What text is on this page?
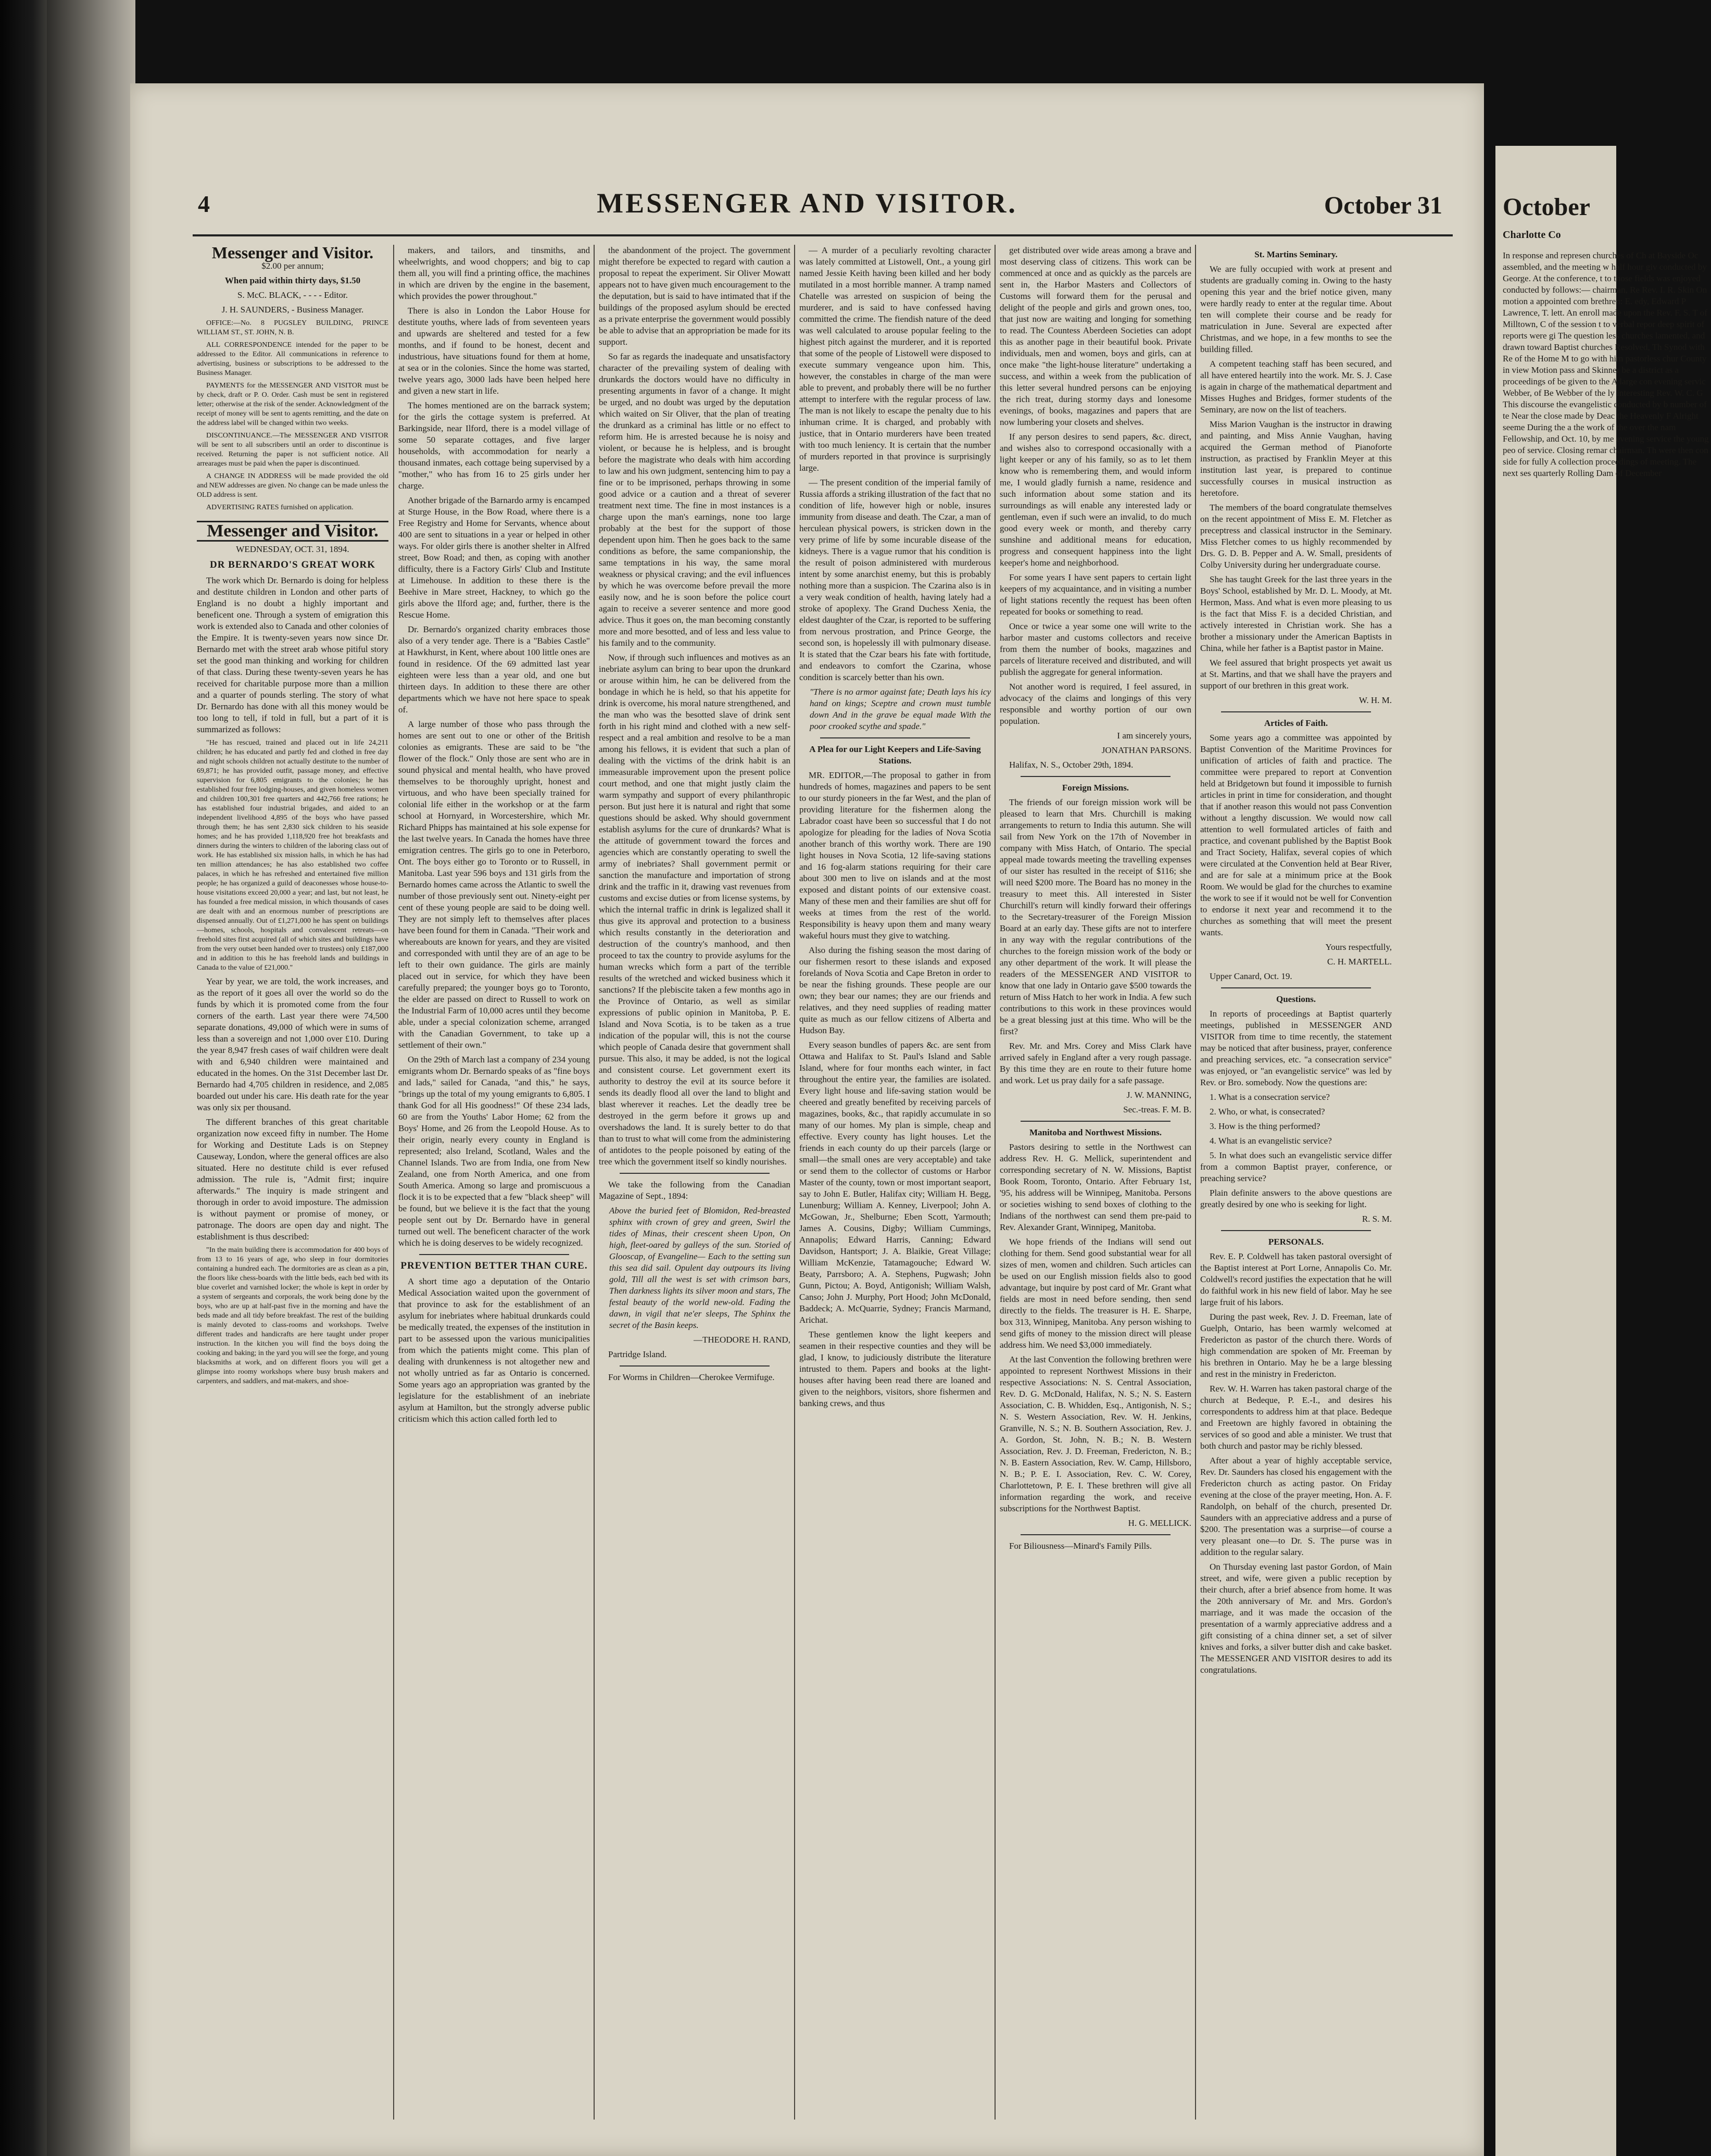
4	MESSENGER AND VISITOR.	October 31
Messenger and Visitor.

$2.00 per annum;

When paid within thirty days, $1.50

S. McC. BLACK, - - - - Editor.

J. H. SAUNDERS, - Business Manager.

OFFICE:—No. 8 PUGSLEY BUILDING, PRINCE WILLIAM ST., ST. JOHN, N. B.

ALL CORRESPONDENCE intended for the paper to be addressed to the Editor. All communications in reference to advertising, business or subscriptions to be addressed to the Business Manager.

PAYMENTS for the MESSENGER AND VISITOR must be by check, draft or P. O. Order. Cash must be sent in registered letter; otherwise at the risk of the sender. Acknowledgment of the receipt of money will be sent to agents remitting, and the date on the address label will be changed within two weeks.

DISCONTINUANCE.—The MESSENGER AND VISITOR will be sent to all subscribers until an order to discontinue is received. Returning the paper is not sufficient notice. All arrearages must be paid when the paper is discontinued.

A CHANGE IN ADDRESS will be made provided the old and NEW addresses are given. No change can be made unless the OLD address is sent.

ADVERTISING RATES furnished on application.

Messenger and Visitor.

WEDNESDAY, OCT. 31, 1894.

DR BERNARDO'S GREAT WORK

The work which Dr. Bernardo is doing for helpless and destitute children in London and other parts of England is no doubt a highly important and beneficent one. Through a system of emigration this work is extended also to Canada and other colonies of the Empire. It is twenty-seven years now since Dr. Bernardo met with the street arab whose pitiful story set the good man thinking and working for children of that class. During these twenty-seven years he has received for charitable purpose more than a million and a quarter of pounds sterling. The story of what Dr. Bernardo has done with all this money would be too long to tell, if told in full, but a part of it is summarized as follows:

"He has rescued, trained and placed out in life 24,211 children; he has educated and partly fed and clothed in free day and night schools children not actually destitute to the number of 69,871; he has provided outfit, passage money, and effective supervision for 6,805 emigrants to the colonies; he has established four free lodging-houses, and given homeless women and children 100,301 free quarters and 442,766 free rations; he has established four industrial brigades, and aided to an independent livelihood 4,895 of the boys who have passed through them; he has sent 2,830 sick children to his seaside homes; and he has provided 1,118,920 free hot breakfasts and dinners during the winters to children of the laboring class out of work. He has established six mission halls, in which he has had ten million attendances; he has also established two coffee palaces, in which he has refreshed and entertained five million people; he has organized a guild of deaconesses whose house-to-house visitations exceed 20,000 a year; and last, but not least, he has founded a free medical mission, in which thousands of cases are dealt with and an enormous number of prescriptions are dispensed annually. Out of £1,271,000 he has spent on buildings—homes, schools, hospitals and convalescent retreats—on freehold sites first acquired (all of which sites and buildings have from the very outset been handed over to trustees) only £187,000 and in addition to this he has freehold lands and buildings in Canada to the value of £21,000."

Year by year, we are told, the work increases, and as the report of it goes all over the world so do the funds by which it is promoted come from the four corners of the earth. Last year there were 74,500 separate donations, 49,000 of which were in sums of less than a sovereign and not 1,000 over £10. During the year 8,947 fresh cases of waif children were dealt with and 6,940 children were maintained and educated in the homes. On the 31st December last Dr. Bernardo had 4,705 children in residence, and 2,085 boarded out under his care. His death rate for the year was only six per thousand.

The different branches of this great charitable organization now exceed fifty in number. The Home for Working and Destitute Lads is on Stepney Causeway, London, where the general offices are also situated. Here no destitute child is ever refused admission. The rule is, "Admit first; inquire afterwards." The inquiry is made stringent and thorough in order to avoid imposture. The admission is without payment or promise of money, or patronage. The doors are open day and night. The establishment is thus described:

"In the main building there is accommodation for 400 boys of from 13 to 16 years of age, who sleep in four dormitories containing a hundred each. The dormitories are as clean as a pin, the floors like chess-boards with the little beds, each bed with its blue coverlet and varnished locker; the whole is kept in order by a system of sergeants and corporals, the work being done by the boys, who are up at half-past five in the morning and have the beds made and all tidy before breakfast. The rest of the building is mainly devoted to class-rooms and workshops. Twelve different trades and handicrafts are here taught under proper instruction. In the kitchen you will find the boys doing the cooking and baking; in the yard you will see the forge, and young blacksmiths at work, and on different floors you will get a glimpse into roomy workshops where busy brush makers and carpenters, and saddlers, and mat-makers, and shoe-

makers, and tailors, and tinsmiths, and wheelwrights, and wood choppers; and big to cap them all, you will find a printing office, the machines in which are driven by the engine in the basement, which provides the power throughout."

There is also in London the Labor House for destitute youths, where lads of from seventeen years and upwards are sheltered and tested for a few months, and if found to be honest, decent and industrious, have situations found for them at home, at sea or in the colonies. Since the home was started, twelve years ago, 3000 lads have been helped here and given a new start in life.

The homes mentioned are on the barrack system; for the girls the cottage system is preferred. At Barkingside, near Ilford, there is a model village of some 50 separate cottages, and five larger households, with accommodation for nearly a thousand inmates, each cottage being supervised by a "mother," who has from 16 to 25 girls under her charge.

Another brigade of the Barnardo army is encamped at Sturge House, in the Bow Road, where there is a Free Registry and Home for Servants, whence about 400 are sent to situations in a year or helped in other ways. For older girls there is another shelter in Alfred street, Bow Road; and then, as coping with another difficulty, there is a Factory Girls' Club and Institute at Limehouse. In addition to these there is the Beehive in Mare street, Hackney, to which go the girls above the Ilford age; and, further, there is the Rescue Home.

Dr. Bernardo's organized charity embraces those also of a very tender age. There is a "Babies Castle" at Hawkhurst, in Kent, where about 100 little ones are found in residence. Of the 69 admitted last year eighteen were less than a year old, and one but thirteen days. In addition to these there are other departments which we have not here space to speak of.

A large number of those who pass through the homes are sent out to one or other of the British colonies as emigrants. These are said to be "the flower of the flock." Only those are sent who are in sound physical and mental health, who have proved themselves to be thoroughly upright, honest and virtuous, and who have been specially trained for colonial life either in the workshop or at the farm school at Hornyard, in Worcestershire, which Mr. Richard Phipps has maintained at his sole expense for the last twelve years. In Canada the homes have three emigration centres. The girls go to one in Peterboro, Ont. The boys either go to Toronto or to Russell, in Manitoba. Last year 596 boys and 131 girls from the Bernardo homes came across the Atlantic to swell the number of those previously sent out. Ninety-eight per cent of these young people are said to be doing well. They are not simply left to themselves after places have been found for them in Canada. "Their work and whereabouts are known for years, and they are visited and corresponded with until they are of an age to be left to their own guidance. The girls are mainly placed out in service, for which they have been carefully prepared; the younger boys go to Toronto, the elder are passed on direct to Russell to work on the Industrial Farm of 10,000 acres until they become able, under a special colonization scheme, arranged with the Canadian Government, to take up a settlement of their own."

On the 29th of March last a company of 234 young emigrants whom Dr. Bernardo speaks of as "fine boys and lads," sailed for Canada, "and this," he says, "brings up the total of my young emigrants to 6,805. I thank God for all His goodness!" Of these 234 lads, 60 are from the Youths' Labor Home; 62 from the Boys' Home, and 26 from the Leopold House. As to their origin, nearly every county in England is represented; also Ireland, Scotland, Wales and the Channel Islands. Two are from India, one from New Zealand, one from North America, and one from South America. Among so large and promiscuous a flock it is to be expected that a few "black sheep" will be found, but we believe it is the fact that the young people sent out by Dr. Bernardo have in general turned out well. The beneficent character of the work which he is doing deserves to be widely recognized.

PREVENTION BETTER THAN CURE.

A short time ago a deputation of the Ontario Medical Association waited upon the government of that province to ask for the establishment of an asylum for inebriates where habitual drunkards could be medically treated, the expenses of the institution in part to be assessed upon the various municipalities from which the patients might come. This plan of dealing with drunkenness is not altogether new and not wholly untried as far as Ontario is concerned. Some years ago an appropriation was granted by the legislature for the establishment of an inebriate asylum at Hamilton, but the strongly adverse public criticism which this action called forth led to

the abandonment of the project. The government might therefore be expected to regard with caution a proposal to repeat the experiment. Sir Oliver Mowatt appears not to have given much encouragement to the the deputation, but is said to have intimated that if the buildings of the proposed asylum should be erected as a private enterprise the government would possibly be able to advise that an appropriation be made for its support.

So far as regards the inadequate and unsatisfactory character of the prevailing system of dealing with drunkards the doctors would have no difficulty in presenting arguments in favor of a change. It might be urged, and no doubt was urged by the deputation which waited on Sir Oliver, that the plan of treating the drunkard as a criminal has little or no effect to reform him. He is arrested because he is noisy and violent, or because he is helpless, and is brought before the magistrate who deals with him according to law and his own judgment, sentencing him to pay a fine or to be imprisoned, perhaps throwing in some good advice or a caution and a threat of severer treatment next time. The fine in most instances is a charge upon the man's earnings, none too large probably at the best for the support of those dependent upon him. Then he goes back to the same conditions as before, the same companionship, the same temptations in his way, the same moral weakness or physical craving; and the evil influences by which he was overcome before prevail the more easily now, and he is soon before the police court again to receive a severer sentence and more good advice. Thus it goes on, the man becoming constantly more and more besotted, and of less and less value to his family and to the community.

Now, if through such influences and motives as an inebriate asylum can bring to bear upon the drunkard or arouse within him, he can be delivered from the bondage in which he is held, so that his appetite for drink is overcome, his moral nature strengthened, and the man who was the besotted slave of drink sent forth in his right mind and clothed with a new self-respect and a real ambition and resolve to be a man among his fellows, it is evident that such a plan of dealing with the victims of the drink habit is an immeasurable improvement upon the present police court method, and one that might justly claim the warm sympathy and support of every philanthropic person. But just here it is natural and right that some questions should be asked. Why should government establish asylums for the cure of drunkards? What is the attitude of government toward the forces and agencies which are constantly operating to swell the army of inebriates? Shall government permit or sanction the manufacture and importation of strong drink and the traffic in it, drawing vast revenues from customs and excise duties or from license systems, by which the internal traffic in drink is legalized shall it thus give its approval and protection to a business which results constantly in the deterioration and destruction of the country's manhood, and then proceed to tax the country to provide asylums for the human wrecks which form a part of the terrible results of the wretched and wicked business which it sanctions? If the plebiscite taken a few months ago in the Province of Ontario, as well as similar expressions of public opinion in Manitoba, P. E. Island and Nova Scotia, is to be taken as a true indication of the popular will, this is not the course which people of Canada desire that government shall pursue. This also, it may be added, is not the logical and consistent course. Let government exert its authority to destroy the evil at its source before it sends its deadly flood all over the land to blight and blast wherever it reaches. Let the deadly tree be destroyed in the germ before it grows up and overshadows the land. It is surely better to do that than to trust to what will come from the administering of antidotes to the people poisoned by eating of the tree which the government itself so kindly nourishes.

We take the following from the Canadian Magazine of Sept., 1894:

Above the buried feet of Blomidon, Red-breasted sphinx with crown of grey and green, Swirl the tides of Minas, their crescent sheen Upon, On high, fleet-oared by galleys of the sun. Storied of Glooscap, of Evangeline— Each to the setting sun this sea did sail. Opulent day outpours its living gold, Till all the west is set with crimson bars, Then darkness lights its silver moon and stars, The festal beauty of the world new-old. Fading the dawn, in vigil that ne'er sleeps, The Sphinx the secret of the Basin keeps.

—THEODORE H. RAND,

Partridge Island.

For Worms in Children—Cherokee Vermifuge.

— A murder of a peculiarly revolting character was lately committed at Listowell, Ont., a young girl named Jessie Keith having been killed and her body mutilated in a most horrible manner. A tramp named Chatelle was arrested on suspicion of being the murderer, and is said to have confessed having committed the crime. The fiendish nature of the deed was well calculated to arouse popular feeling to the highest pitch against the murderer, and it is reported that some of the people of Listowell were disposed to execute summary vengeance upon him. This, however, the constables in charge of the man were able to prevent, and probably there will be no further attempt to interfere with the regular process of law. The man is not likely to escape the penalty due to his inhuman crime. It is charged, and probably with justice, that in Ontario murderers have been treated with too much leniency. It is certain that the number of murders reported in that province is surprisingly large.

— The present condition of the imperial family of Russia affords a striking illustration of the fact that no condition of life, however high or noble, insures immunity from disease and death. The Czar, a man of herculean physical powers, is stricken down in the very prime of life by some incurable disease of the kidneys. There is a vague rumor that his condition is the result of poison administered with murderous intent by some anarchist enemy, but this is probably nothing more than a suspicion. The Czarina also is in a very weak condition of health, having lately had a stroke of apoplexy. The Grand Duchess Xenia, the eldest daughter of the Czar, is reported to be suffering from nervous prostration, and Prince George, the second son, is hopelessly ill with pulmonary disease. It is stated that the Czar bears his fate with fortitude, and endeavors to comfort the Czarina, whose condition is scarcely better than his own.

"There is no armor against fate; Death lays his icy hand on kings; Sceptre and crown must tumble down And in the grave be equal made With the poor crooked scythe and spade."

A Plea for our Light Keepers and Life-Saving Stations.

MR. EDITOR,—The proposal to gather in from hundreds of homes, magazines and papers to be sent to our sturdy pioneers in the far West, and the plan of providing literature for the fishermen along the Labrador coast have been so successful that I do not apologize for pleading for the ladies of Nova Scotia another branch of this worthy work. There are 190 light houses in Nova Scotia, 12 life-saving stations and 16 fog-alarm stations requiring for their care about 300 men to live on islands and at the most exposed and distant points of our extensive coast. Many of these men and their families are shut off for weeks at times from the rest of the world. Responsibility is heavy upon them and many weary wakeful hours must they give to watching.

Also during the fishing season the most daring of our fishermen resort to these islands and exposed forelands of Nova Scotia and Cape Breton in order to be near the fishing grounds. These people are our own; they bear our names; they are our friends and relatives, and they need supplies of reading matter quite as much as our fellow citizens of Alberta and Hudson Bay.

Every season bundles of papers &c. are sent from Ottawa and Halifax to St. Paul's Island and Sable Island, where for four months each winter, in fact throughout the entire year, the families are isolated. Every light house and life-saving station would be cheered and greatly benefited by receiving parcels of magazines, books, &c., that rapidly accumulate in so many of our homes. My plan is simple, cheap and effective. Every county has light houses. Let the friends in each county do up their parcels (large or small—the small ones are very acceptable) and take or send them to the collector of customs or Harbor Master of the county, town or most important seaport, say to John E. Butler, Halifax city; William H. Begg, Lunenburg; William A. Kenney, Liverpool; John A. McGowan, Jr., Shelburne; Eben Scott, Yarmouth; James A. Cousins, Digby; William Cummings, Annapolis; Edward Harris, Canning; Edward Davidson, Hantsport; J. A. Blaikie, Great Village; William McKenzie, Tatamagouche; Edward W. Beaty, Parrsboro; A. A. Stephens, Pugwash; John Gunn, Pictou; A. Boyd, Antigonish; William Walsh, Canso; John J. Murphy, Port Hood; John McDonald, Baddeck; A. McQuarrie, Sydney; Francis Marmand, Arichat.

These gentlemen know the light keepers and seamen in their respective counties and they will be glad, I know, to judiciously distribute the literature intrusted to them. Papers and books at the light-houses after having been read there are loaned and given to the neighbors, visitors, shore fishermen and banking crews, and thus

get distributed over wide areas among a brave and most deserving class of citizens. This work can be commenced at once and as quickly as the parcels are sent in, the Harbor Masters and Collectors of Customs will forward them for the perusal and delight of the people and girls and grown ones, too, that just now are waiting and longing for something to read. The Countess Aberdeen Societies can adopt this as another page in their beautiful book. Private individuals, men and women, boys and girls, can at once make "the light-house literature" undertaking a success, and within a week from the publication of this letter several hundred persons can be enjoying the rich treat, during stormy days and lonesome evenings, of books, magazines and papers that are now lumbering your closets and shelves.

If any person desires to send papers, &c. direct, and wishes also to correspond occasionally with a light keeper or any of his family, so as to let them know who is remembering them, and would inform me, I would gladly furnish a name, residence and such information about some station and its surroundings as will enable any interested lady or gentleman, even if such were an invalid, to do much good every week or month, and thereby carry sunshine and additional means for education, progress and consequent happiness into the light keeper's home and neighborhood.

For some years I have sent papers to certain light keepers of my acquaintance, and in visiting a number of light stations recently the request has been often repeated for books or something to read.

Once or twice a year some one will write to the harbor master and customs collectors and receive from them the number of books, magazines and parcels of literature received and distributed, and will publish the aggregate for general information.

Not another word is required, I feel assured, in advocacy of the claims and longings of this very responsible and worthy portion of our own population.

I am sincerely yours,

JONATHAN PARSONS.

Halifax, N. S., October 29th, 1894.

Foreign Missions.

The friends of our foreign mission work will be pleased to learn that Mrs. Churchill is making arrangements to return to India this autumn. She will sail from New York on the 17th of November in company with Miss Hatch, of Ontario. The special appeal made towards meeting the travelling expenses of our sister has resulted in the receipt of $116; she will need $200 more. The Board has no money in the treasury to meet this. All interested in Sister Churchill's return will kindly forward their offerings to the Secretary-treasurer of the Foreign Mission Board at an early day. These gifts are not to interfere in any way with the regular contributions of the churches to the foreign mission work of the body or any other department of the work. It will please the readers of the MESSENGER AND VISITOR to know that one lady in Ontario gave $500 towards the return of Miss Hatch to her work in India. A few such contributions to this work in these provinces would be a great blessing just at this time. Who will be the first?

Rev. Mr. and Mrs. Corey and Miss Clark have arrived safely in England after a very rough passage. By this time they are en route to their future home and work. Let us pray daily for a safe passage.

J. W. MANNING,

Sec.-treas. F. M. B.

Manitoba and Northwest Missions.

Pastors desiring to settle in the Northwest can address Rev. H. G. Mellick, superintendent and corresponding secretary of N. W. Missions, Baptist Book Room, Toronto, Ontario. After February 1st, '95, his address will be Winnipeg, Manitoba. Persons or societies wishing to send boxes of clothing to the Indians of the northwest can send them pre-paid to Rev. Alexander Grant, Winnipeg, Manitoba.

We hope friends of the Indians will send out clothing for them. Send good substantial wear for all sizes of men, women and children. Such articles can be used on our English mission fields also to good advantage, but inquire by post card of Mr. Grant what fields are most in need before sending, then send directly to the fields. The treasurer is H. E. Sharpe, box 313, Winnipeg, Manitoba. Any person wishing to send gifts of money to the mission direct will please address him. We need $3,000 immediately.

At the last Convention the following brethren were appointed to represent Northwest Missions in their respective Associations: N. S. Central Association, Rev. D. G. McDonald, Halifax, N. S.; N. S. Eastern Association, C. B. Whidden, Esq., Antigonish, N. S.; N. S. Western Association, Rev. W. H. Jenkins, Granville, N. S.; N. B. Southern Association, Rev. J. A. Gordon, St. John, N. B.; N. B. Western Association, Rev. J. D. Freeman, Fredericton, N. B.; N. B. Eastern Association, Rev. W. Camp, Hillsboro, N. B.; P. E. I. Association, Rev. C. W. Corey, Charlottetown, P. E. I. These brethren will give all information regarding the work, and receive subscriptions for the Northwest Baptist.

H. G. MELLICK.

For Biliousness—Minard's Family Pills.

St. Martins Seminary.

We are fully occupied with work at present and students are gradually coming in. Owing to the hasty opening this year and the brief notice given, many were hardly ready to enter at the regular time. About ten will complete their course and be ready for matriculation in June. Several are expected after Christmas, and we hope, in a few months to see the building filled.

A competent teaching staff has been secured, and all have entered heartily into the work. Mr. S. J. Case is again in charge of the mathematical department and Misses Hughes and Bridges, former students of the Seminary, are now on the list of teachers.

Miss Marion Vaughan is the instructor in drawing and painting, and Miss Annie Vaughan, having acquired the German method of Pianoforte instruction, as practised by Franklin Meyer at this institution last year, is prepared to continue successfully courses in musical instruction as heretofore.

The members of the board congratulate themselves on the recent appointment of Miss E. M. Fletcher as preceptress and classical instructor in the Seminary. Miss Fletcher comes to us highly recommended by Drs. G. D. B. Pepper and A. W. Small, presidents of Colby University during her undergraduate course.

She has taught Greek for the last three years in the Boys' School, established by Mr. D. L. Moody, at Mt. Hermon, Mass. And what is even more pleasing to us is the fact that Miss F. is a decided Christian, and actively interested in Christian work. She has a brother a missionary under the American Baptists in China, while her father is a Baptist pastor in Maine.

We feel assured that bright prospects yet await us at St. Martins, and that we shall have the prayers and support of our brethren in this great work.

W. H. M.

Articles of Faith.

Some years ago a committee was appointed by Baptist Convention of the Maritime Provinces for unification of articles of faith and practice. The committee were prepared to report at Convention held at Bridgetown but found it impossible to furnish articles in print in time for consideration, and thought that if another reason this would not pass Convention without a lengthy discussion. We would now call attention to well formulated articles of faith and practice, and covenant published by the Baptist Book and Tract Society, Halifax, several copies of which were circulated at the Convention held at Bear River, and are for sale at a minimum price at the Book Room. We would be glad for the churches to examine the work to see if it would not be well for Convention to endorse it next year and recommend it to the churches as something that will meet the present wants.

Yours respectfully,

C. H. MARTELL.

Upper Canard, Oct. 19.

Questions.

In reports of proceedings at Baptist quarterly meetings, published in MESSENGER AND VISITOR from time to time recently, the statement may be noticed that after business, prayer, conference and preaching services, etc. "a consecration service" was enjoyed, or "an evangelistic service" was led by Rev. or Bro. somebody. Now the questions are:

1. What is a consecration service?

2. Who, or what, is consecrated?

3. How is the thing performed?

4. What is an evangelistic service?

5. In what does such an evangelistic service differ from a common Baptist prayer, conference, or preaching service?

Plain definite answers to the above questions are greatly desired by one who is seeking for light.

R. S. M.

PERSONALS.

Rev. E. P. Coldwell has taken pastoral oversight of the Baptist interest at Port Lorne, Annapolis Co. Mr. Coldwell's record justifies the expectation that he will do faithful work in his new field of labor. May he see large fruit of his labors.

During the past week, Rev. J. D. Freeman, late of Guelph, Ontario, has been warmly welcomed at Fredericton as pastor of the church there. Words of high commendation are spoken of Mr. Freeman by his brethren in Ontario. May he be a large blessing and rest in the ministry in Fredericton.

Rev. W. H. Warren has taken pastoral charge of the church at Bedeque, P. E.-I., and desires his correspondents to address him at that place. Bedeque and Freetown are highly favored in obtaining the services of so good and able a minister. We trust that both church and pastor may be richly blessed.

After about a year of highly acceptable service, Rev. Dr. Saunders has closed his engagement with the Fredericton church as acting pastor. On Friday evening at the close of the prayer meeting, Hon. A. F. Randolph, on behalf of the church, presented Dr. Saunders with an appreciative address and a purse of $200. The presentation was a surprise—of course a very pleasant one—to Dr. S. The purse was in addition to the regular salary.

On Thursday evening last pastor Gordon, of Main street, and wife, were given a public reception by their church, after a brief absence from home. It was the 20th anniversary of Mr. and Mrs. Gordon's marriage, and it was made the occasion of the presentation of a warmly appreciative address and a gift consisting of a china dinner set, a set of silver knives and forks, a silver butter dish and cake basket. The MESSENGER AND VISITOR desires to add its congratulations.

October
Charlotte Co
In response and represen churches of Ch at Bayside Oc assembled, and the meeting w half hour giv conducted by George. At the conference, t to those fields was enjoyed conducted by follows:— chairman, Re Rev. I. R. Skin On motion a appointed com brethren: E. edy, Edward P Lawrence, T. lett. An enroll made upon the Rev. F. S. T of Milltown, C of the session t to verbal repor deep spirit of reports were gi The question less churches lamented, and drawn toward Baptist churches Resolved, Th Synod with Re of the Home M to go with him pastorless chur County in view Motion pass and Skinner be a district as a proceedings of be given to the A large con evening servic Webber, of Be Webber of the ly interesting Rev. W. C. G This discourse the evangelistic conducted by b number of te Near the close made by Deac the Heavenly F Alright seeme During the a the work of the over the nam Fellowship, and Oct. 10, by me evening service the young peo of service. Closing remar chairman. Th were then con side for fully A collection proceedings of meeting. The next ses quarterly Rolling Dam of December
